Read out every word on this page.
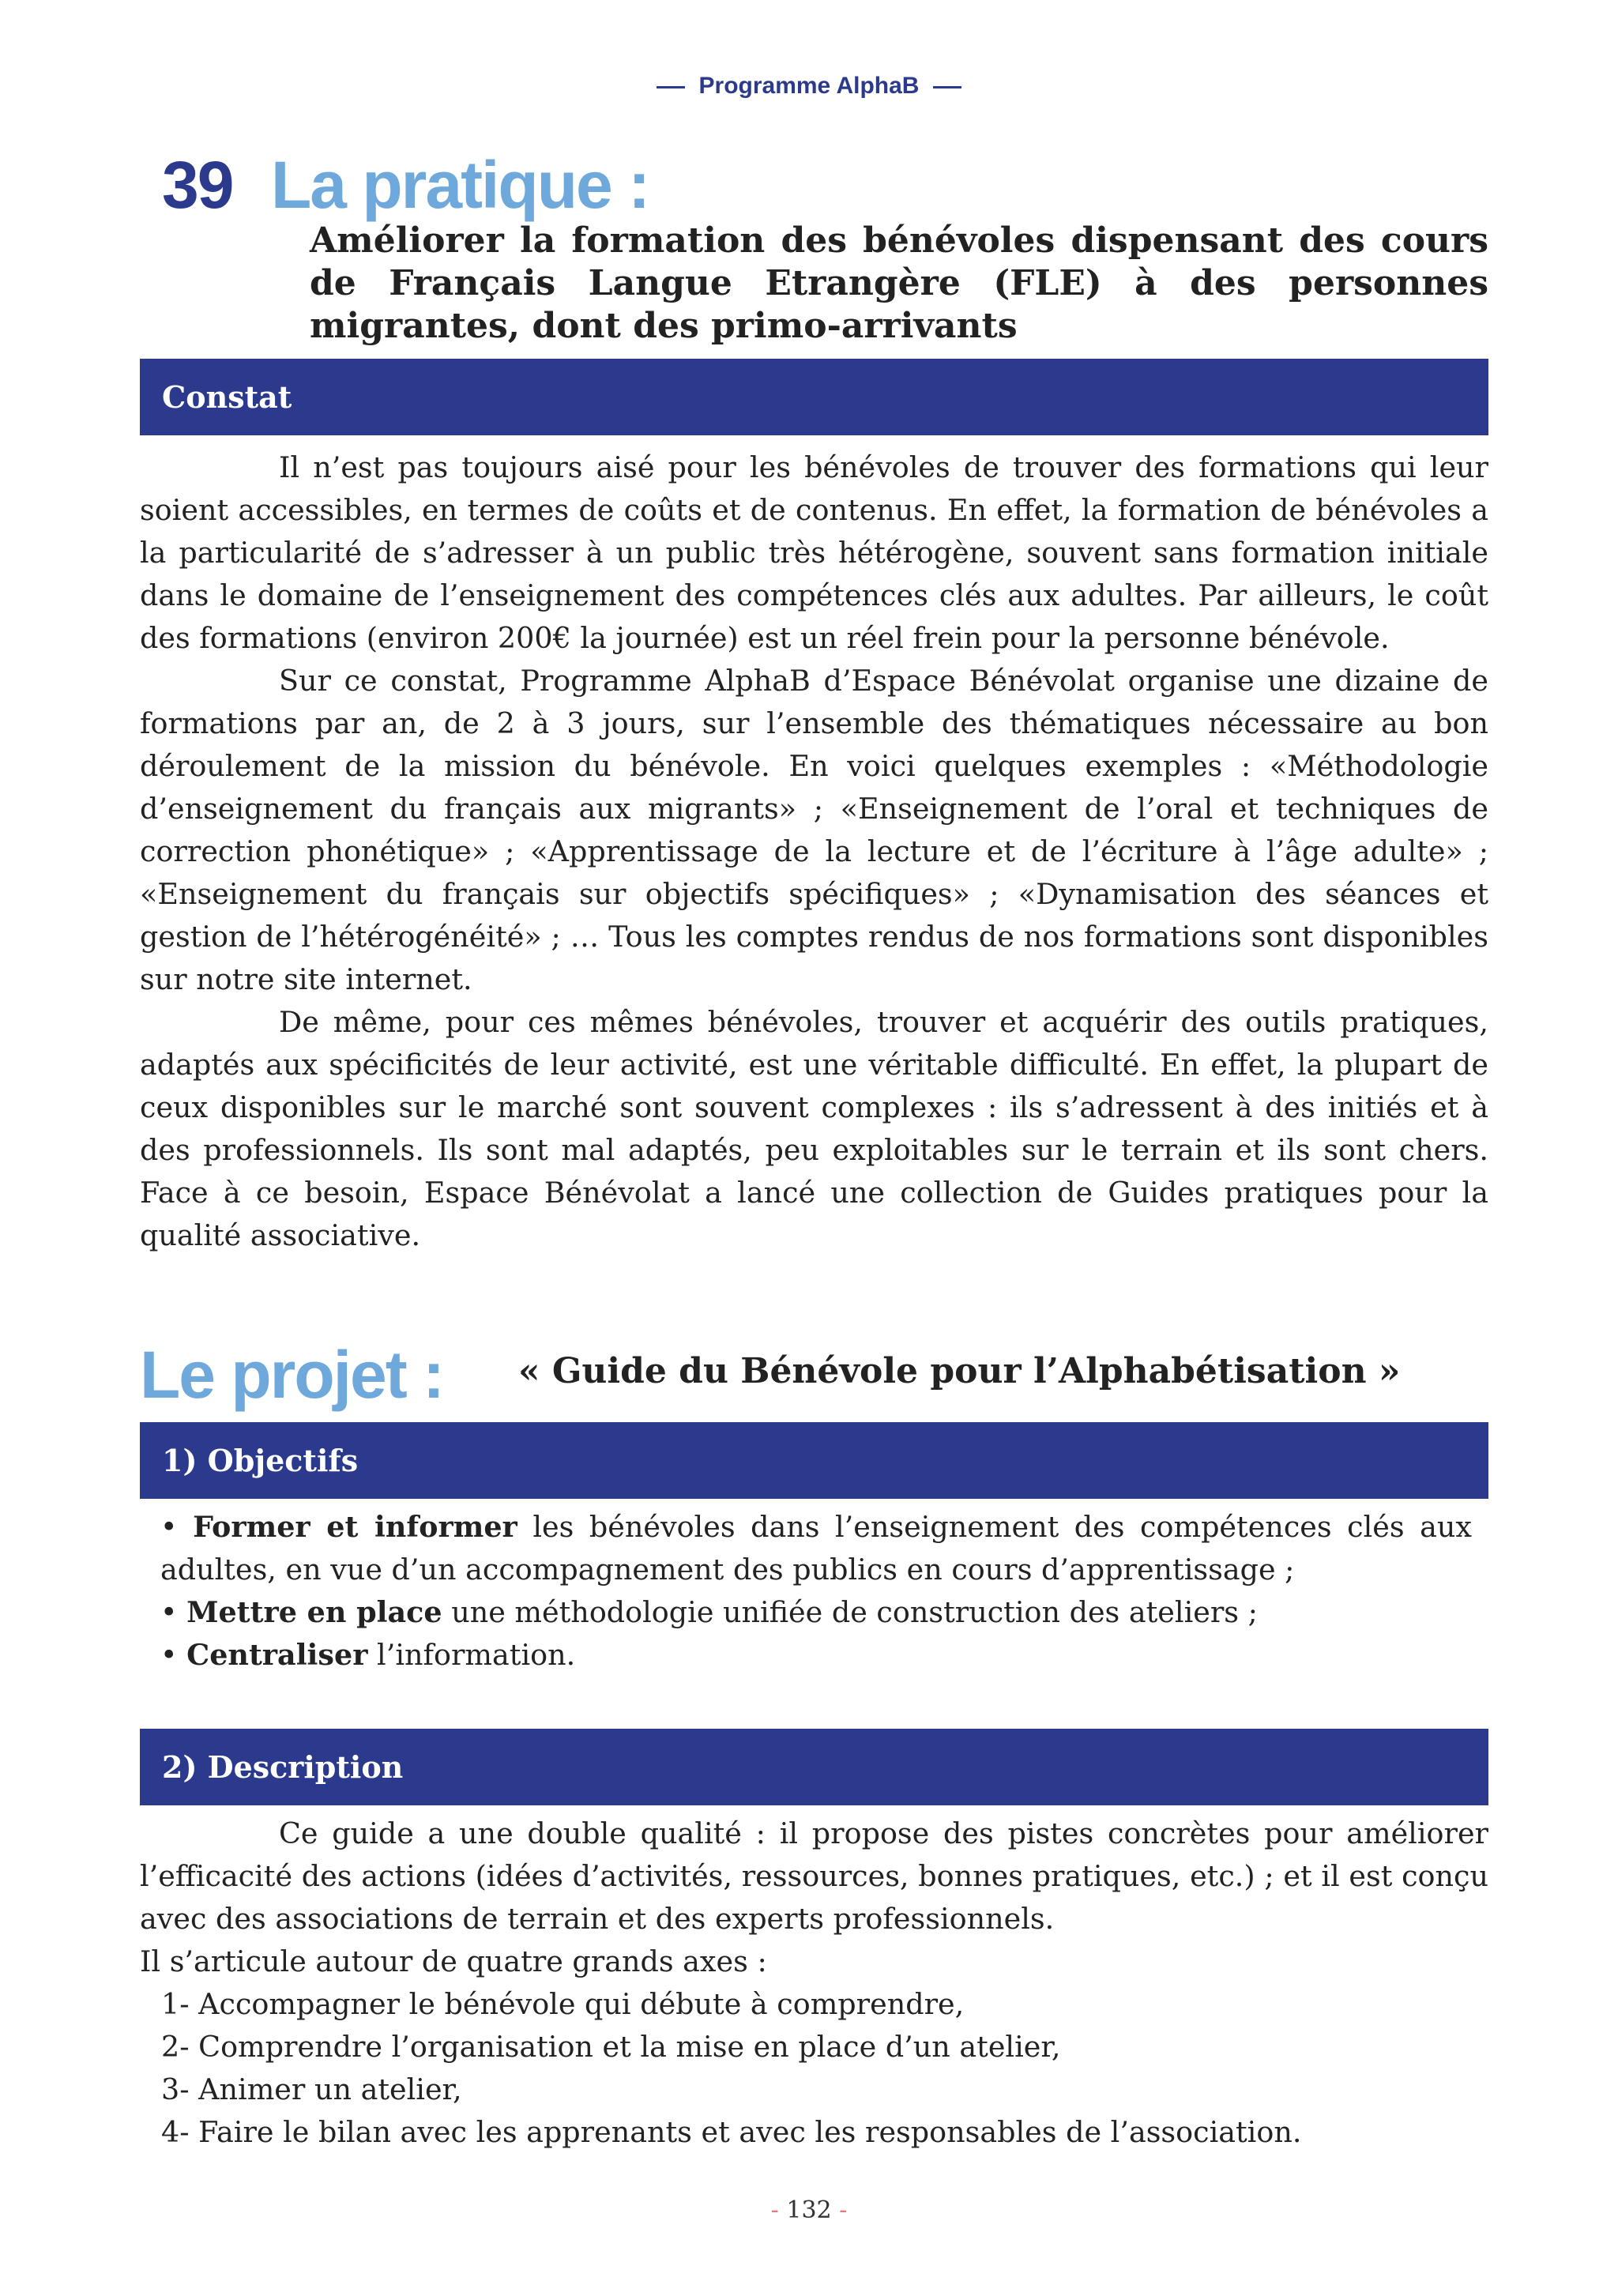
Programme AlphaB
39 La pratique :
Améliorer la formation des bénévoles dispensant des cours de Français Langue Etrangère (FLE) à des personnes migrantes, dont des primo-arrivants
Constat

Il n’est pas toujours aisé pour les bénévoles de trouver des formations qui leur soient accessibles, en termes de coûts et de contenus. En effet, la formation de bénévoles a la particularité de s’adresser à un public très hétérogène, souvent sans formation initiale dans le domaine de l’enseignement des compétences clés aux adultes. Par ailleurs, le coût des formations (environ 200€ la journée) est un réel frein pour la personne bénévole.

Sur ce constat, Programme AlphaB d’Espace Bénévolat organise une dizaine de formations par an, de 2 à 3 jours, sur l’ensemble des thématiques nécessaire au bon déroulement de la mission du bénévole. En voici quelques exemples : «Méthodologie d’enseignement du français aux migrants» ; «Enseignement de l’oral et techniques de correction phonétique» ; «Apprentissage de la lecture et de l’écriture à l’âge adulte» ; «Enseignement du français sur objectifs spécifiques» ; «Dynamisation des séances et gestion de l’hétérogénéité» ; … Tous les comptes rendus de nos formations sont disponibles sur notre site internet.

De même, pour ces mêmes bénévoles, trouver et acquérir des outils pratiques, adaptés aux spécificités de leur activité, est une véritable difficulté. En effet, la plupart de ceux disponibles sur le marché sont souvent complexes : ils s’adressent à des initiés et à des professionnels. Ils sont mal adaptés, peu exploitables sur le terrain et ils sont chers. Face à ce besoin, Espace Bénévolat a lancé une collection de Guides pratiques pour la qualité associative.

Le projet : « Guide du Bénévole pour l’Alphabétisation »
1) Objectifs

• Former et informer les bénévoles dans l’enseignement des compétences clés aux adultes, en vue d’un accompagnement des publics en cours d’apprentissage ;

• Mettre en place une méthodologie unifiée de construction des ateliers ;

• Centraliser l’information.

2) Description

Ce guide a une double qualité : il propose des pistes concrètes pour améliorer l’efficacité des actions (idées d’activités, ressources, bonnes pratiques, etc.) ; et il est conçu avec des associations de terrain et des experts professionnels.

Il s’articule autour de quatre grands axes :

1- Accompagner le bénévole qui débute à comprendre,
2- Comprendre l’organisation et la mise en place d’un atelier,
3- Animer un atelier,
4- Faire le bilan avec les apprenants et avec les responsables de l’association.
- 132 -
